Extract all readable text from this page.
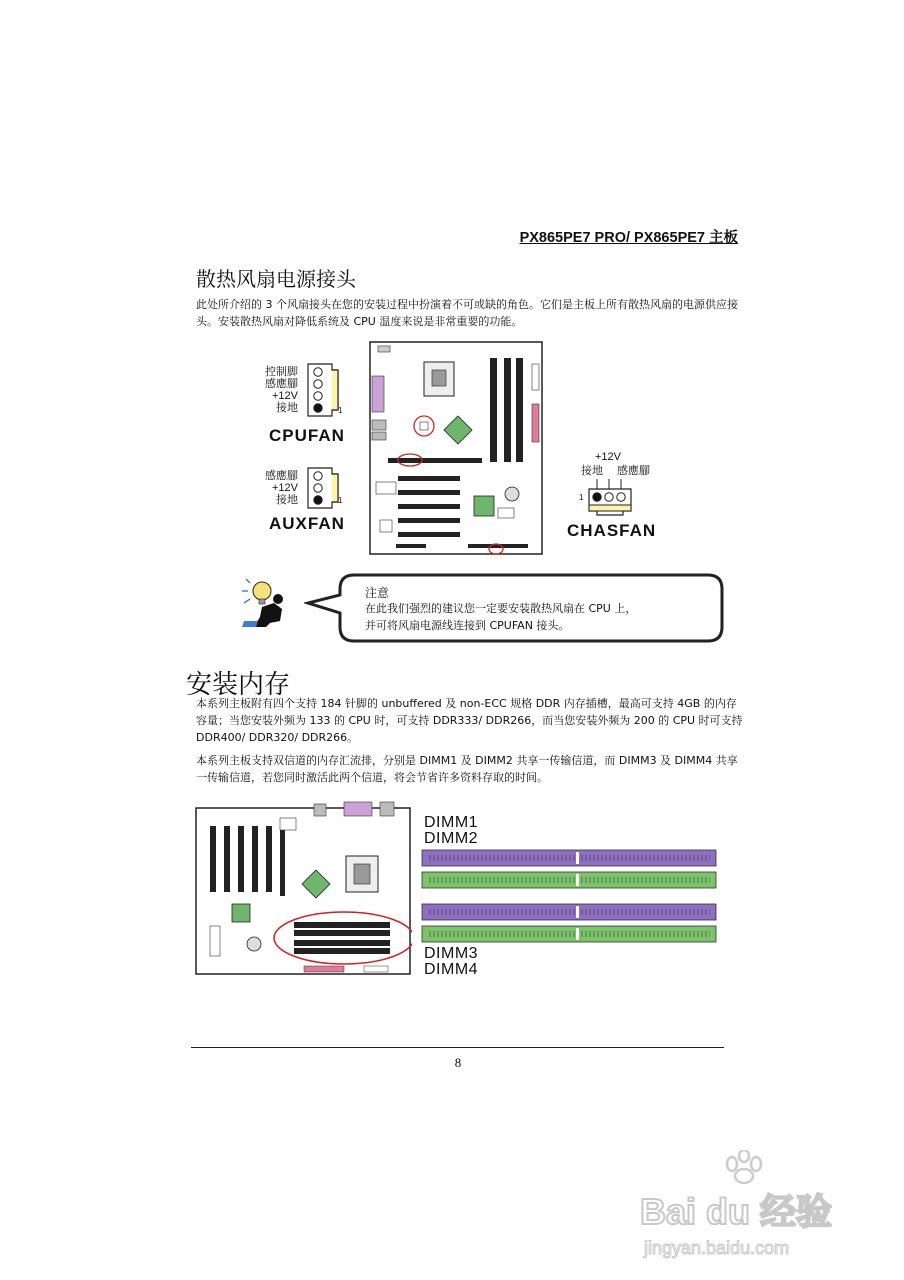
PX865PE7 PRO/ PX865PE7 主板
散热风扇电源接头
此处所介绍的 3 个风扇接头在您的安装过程中扮演着不可或缺的角色。它们是主板上所有散热风扇的电源供应接头。安装散热风扇对降低系统及 CPU 温度来说是非常重要的功能。
控制脚
感應腳
+12V
接地	1
CPUFAN
感應腳
+12V
接地	1
AUXFAN
+12V
接地 感應腳
1
CHASFAN
注意
在此我们强烈的建议您一定要安装散热风扇在 CPU 上，
并可将风扇电源线连接到 CPUFAN 接头。
安装内存
本系列主板附有四个支持 184 针脚的 unbuffered 及 non-ECC 规格 DDR 内存插槽，最高可支持 4GB 的内存容量；当您安装外频为 133 的 CPU 时，可支持 DDR333/ DDR266，而当您安装外频为 200 的 CPU 时可支持 DDR400/ DDR320/ DDR266。
本系列主板支持双信道的内存汇流排，分别是 DIMM1 及 DIMM2 共享一传输信道，而 DIMM3 及 DIMM4 共享一传输信道，若您同时激活此两个信道，将会节省许多资料存取的时间。
DIMM1
DIMM2
DIMM3
DIMM4
8
Bai du 经验
jingyan.baidu.com
